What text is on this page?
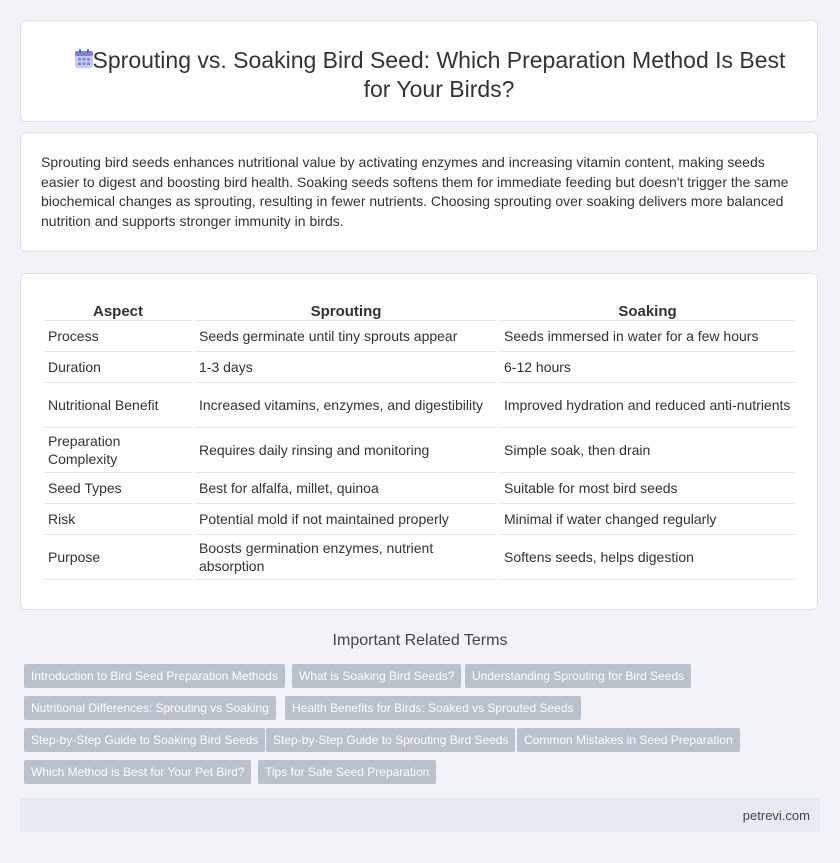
Sprouting vs. Soaking Bird Seed: Which Preparation Method Is Best for Your Birds?

Sprouting bird seeds enhances nutritional value by activating enzymes and increasing vitamin content, making seeds easier to digest and boosting bird health. Soaking seeds softens them for immediate feeding but doesn't trigger the same biochemical changes as sprouting, resulting in fewer nutrients. Choosing sprouting over soaking delivers more balanced nutrition and supports stronger immunity in birds.

Aspect	Sprouting	Soaking
Process	Seeds germinate until tiny sprouts appear	Seeds immersed in water for a few hours
Duration	1-3 days	6-12 hours
Nutritional Benefit	Increased vitamins, enzymes, and digestibility	Improved hydration and reduced anti-nutrients
Preparation Complexity	Requires daily rinsing and monitoring	Simple soak, then drain
Seed Types	Best for alfalfa, millet, quinoa	Suitable for most bird seeds
Risk	Potential mold if not maintained properly	Minimal if water changed regularly
Purpose	Boosts germination enzymes, nutrient absorption	Softens seeds, helps digestion
Important Related Terms
Introduction to Bird Seed Preparation Methods	What is Soaking Bird Seeds?	Understanding Sprouting for Bird Seeds
Nutritional Differences: Sprouting vs Soaking	Health Benefits for Birds: Soaked vs Sprouted Seeds
Step-by-Step Guide to Soaking Bird Seeds	Step-by-Step Guide to Sprouting Bird Seeds	Common Mistakes in Seed Preparation
Which Method is Best for Your Pet Bird?	Tips for Safe Seed Preparation
petrevi.com
